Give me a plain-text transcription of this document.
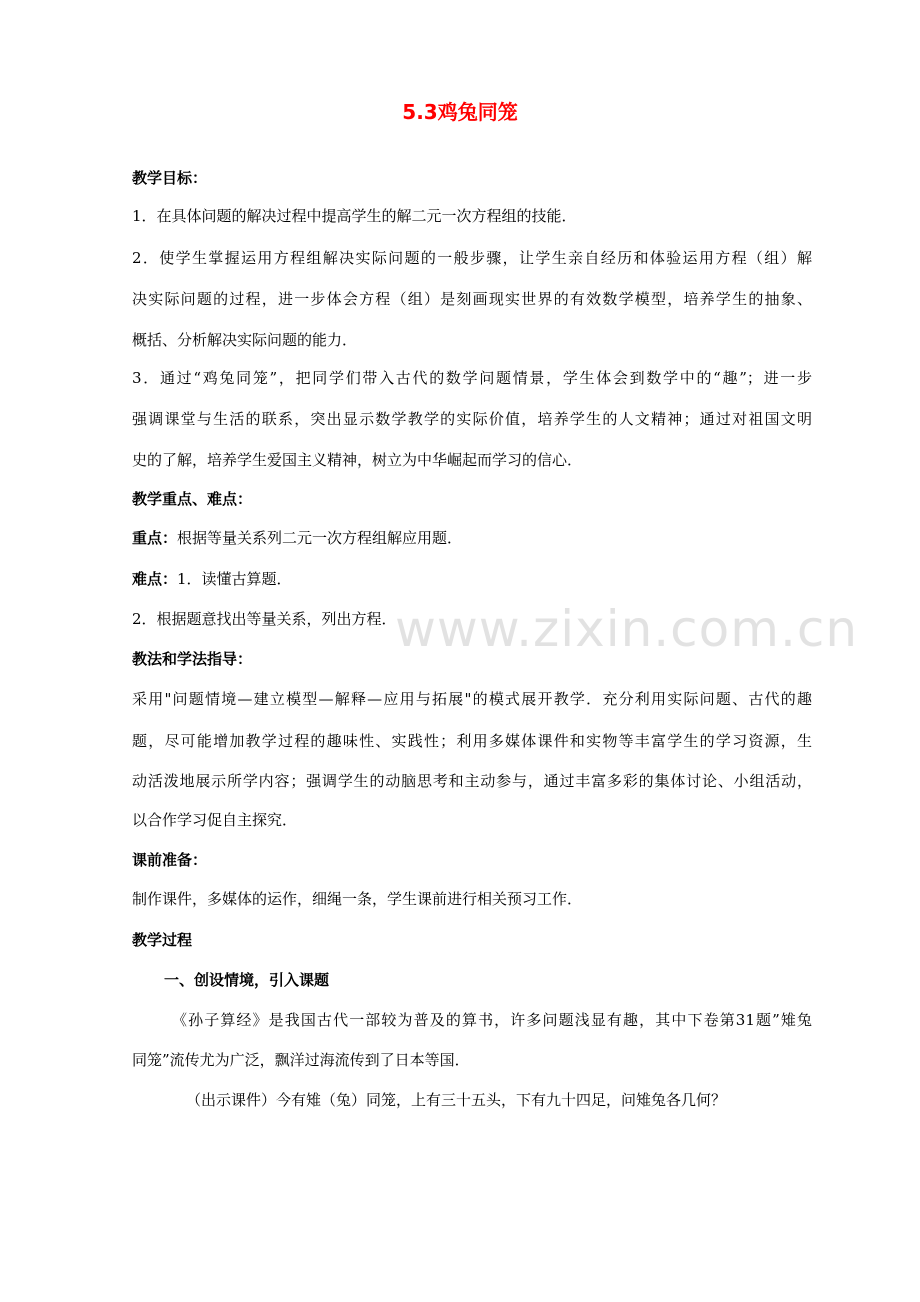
5.3鸡兔同笼
教学目标：
1．在具体问题的解决过程中提高学生的解二元一次方程组的技能．
2．使学生掌握运用方程组解决实际问题的一般步骤，让学生亲自经历和体验运用方程（组）解
决实际问题的过程，进一步体会方程（组）是刻画现实世界的有效数学模型，培养学生的抽象、
概括、分析解决实际问题的能力．
3．通过“鸡兔同笼”，把同学们带入古代的数学问题情景，学生体会到数学中的“趣”；进一步
强调课堂与生活的联系，突出显示数学教学的实际价值，培养学生的人文精神；通过对祖国文明
史的了解，培养学生爱国主义精神，树立为中华崛起而学习的信心．
教学重点、难点：
重点：根据等量关系列二元一次方程组解应用题．
难点：1．读懂古算题．
2．根据题意找出等量关系，列出方程．
教法和学法指导：
采用"问题情境—建立模型—解释—应用与拓展"的模式展开教学．充分利用实际问题、古代的趣
题，尽可能增加教学过程的趣味性、实践性；利用多媒体课件和实物等丰富学生的学习资源，生
动活泼地展示所学内容；强调学生的动脑思考和主动参与，通过丰富多彩的集体讨论、小组活动，
以合作学习促自主探究．
课前准备：
制作课件，多媒体的运作，细绳一条，学生课前进行相关预习工作．
教学过程
一、创设情境，引入课题
《孙子算经》是我国古代一部较为普及的算书，许多问题浅显有趣，其中下卷第31题”雉兔
同笼”流传尤为广泛，飘洋过海流传到了日本等国．
（出示课件）今有雉（兔）同笼，上有三十五头，下有九十四足，问雉兔各几何？
www.zixin.com.cn
